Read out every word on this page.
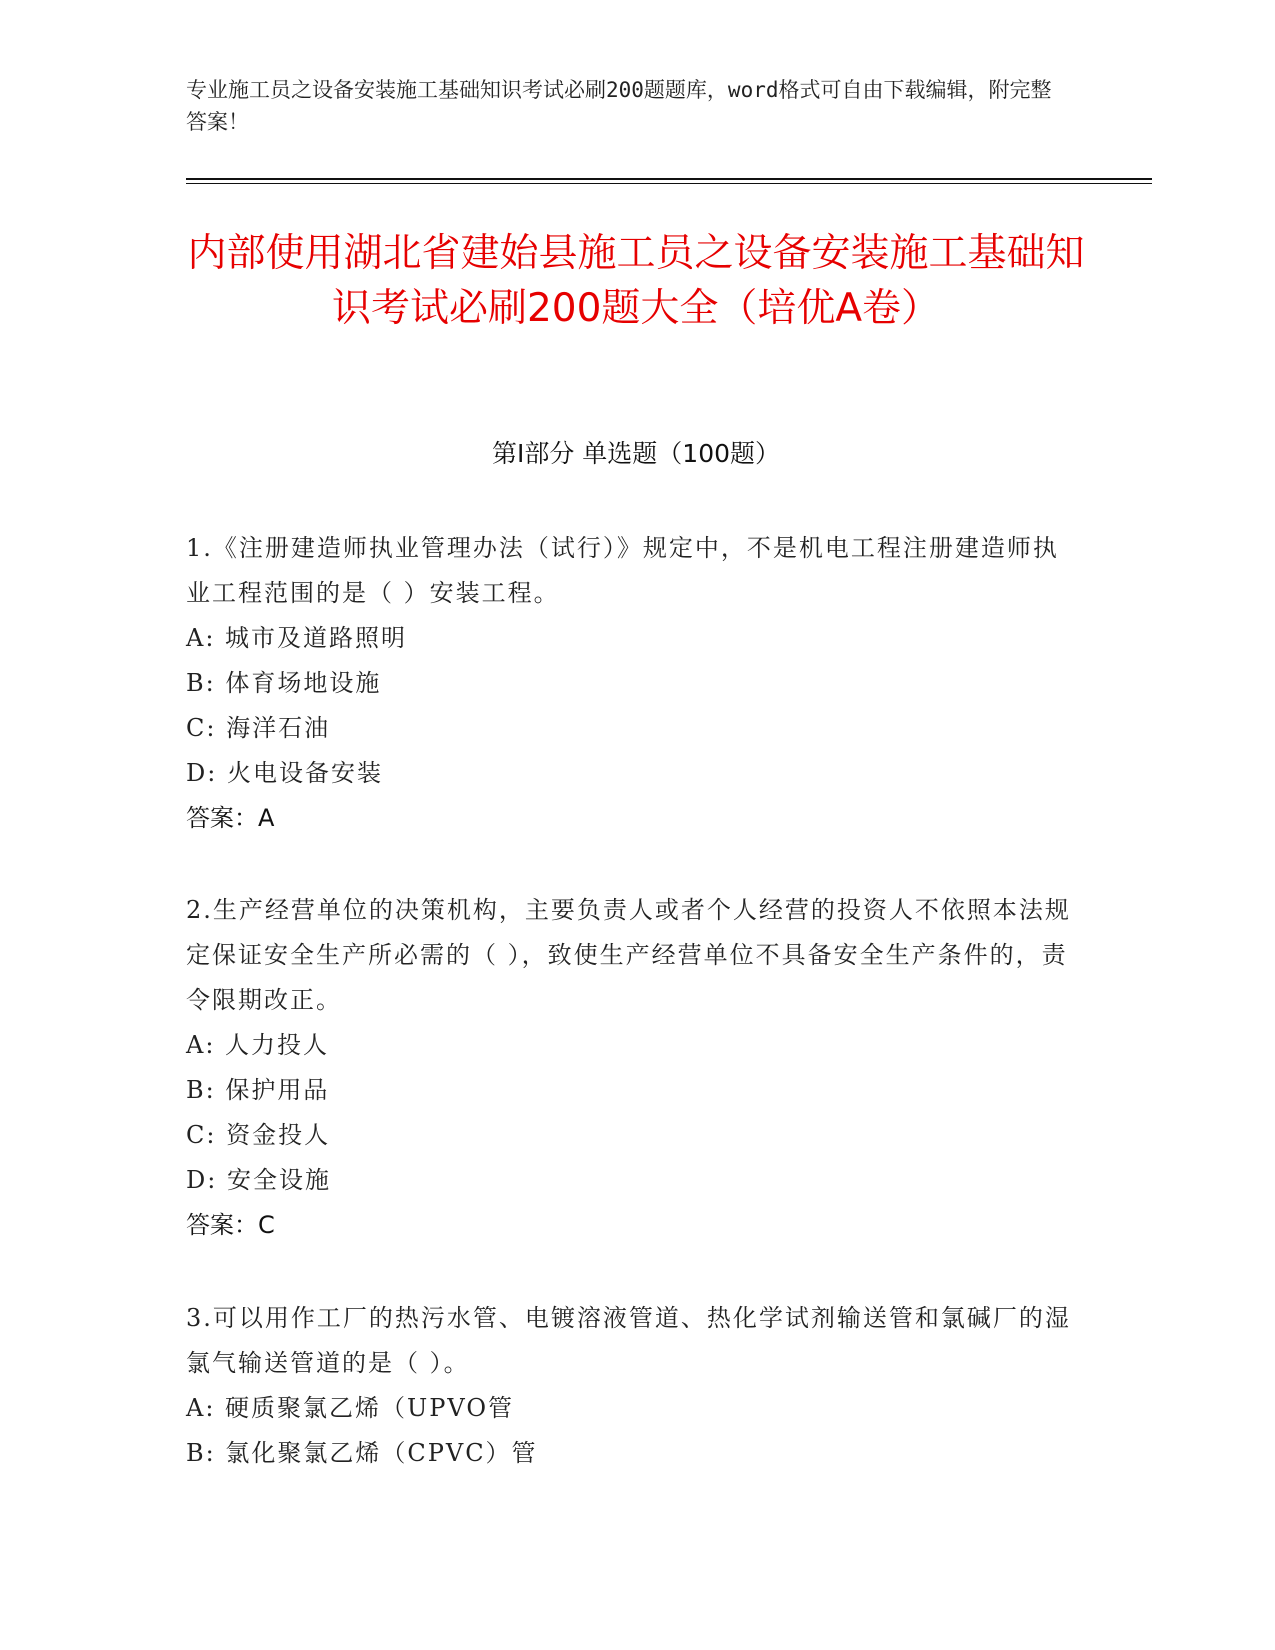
专业施工员之设备安装施工基础知识考试必刷200题题库，word格式可自由下载编辑，附完整答案！
内部使用湖北省建始县施工员之设备安装施工基础知识考试必刷200题大全（培优A卷）
第Ⅰ部分 单选题（100题）
1.《注册建造师执业管理办法（试行）》规定中，不是机电工程注册建造师执业工程范围的是（ ）安装工程。
A: 城市及道路照明
B: 体育场地设施
C: 海洋石油
D: 火电设备安装
答案：A
2.生产经营单位的决策机构，主要负责人或者个人经营的投资人不依照本法规定保证安全生产所必需的（ ），致使生产经营单位不具备安全生产条件的，责令限期改正。
A: 人力投人
B: 保护用品
C: 资金投人
D: 安全设施
答案：C
3.可以用作工厂的热污水管、电镀溶液管道、热化学试剂输送管和氯碱厂的湿氯气输送管道的是（ ）。
A: 硬质聚氯乙烯（UPVO管
B: 氯化聚氯乙烯（CPVC）管
